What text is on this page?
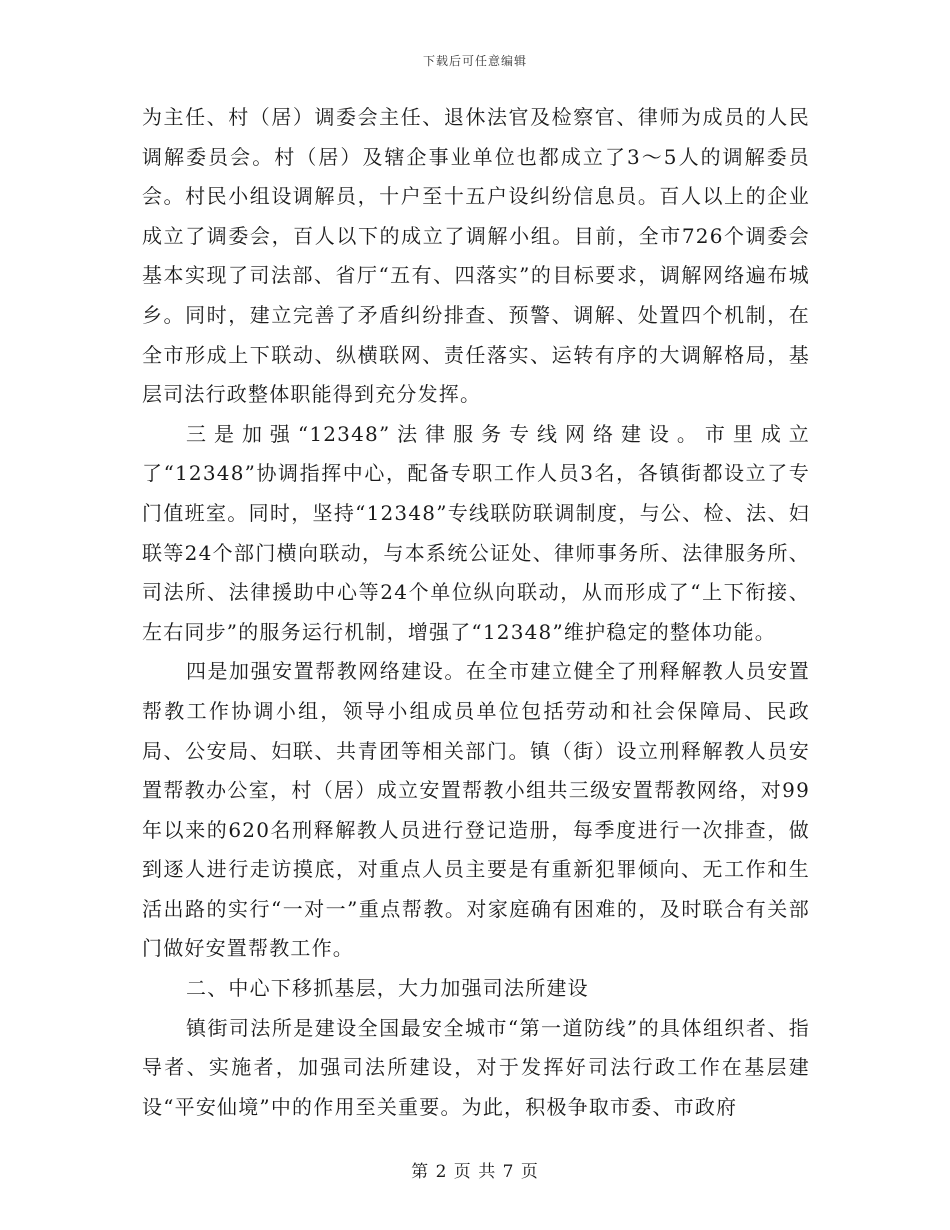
下载后可任意编辑

为主任、村（居）调委会主任、退休法官及检察官、律师为成员的人民调解委员会。村（居）及辖企事业单位也都成立了3～5人的调解委员会。村民小组设调解员，十户至十五户设纠纷信息员。百人以上的企业成立了调委会，百人以下的成立了调解小组。目前，全市726个调委会基本实现了司法部、省厅“五有、四落实”的目标要求，调解网络遍布城乡。同时，建立完善了矛盾纠纷排查、预警、调解、处置四个机制，在全市形成上下联动、纵横联网、责任落实、运转有序的大调解格局，基层司法行政整体职能得到充分发挥。

三是加强“12348”法律服务专线网络建设。市里成立了“12348”协调指挥中心，配备专职工作人员3名，各镇街都设立了专门值班室。同时，坚持“12348”专线联防联调制度，与公、检、法、妇联等24个部门横向联动，与本系统公证处、律师事务所、法律服务所、司法所、法律援助中心等24个单位纵向联动，从而形成了“上下衔接、左右同步”的服务运行机制，增强了“12348”维护稳定的整体功能。

四是加强安置帮教网络建设。在全市建立健全了刑释解教人员安置帮教工作协调小组，领导小组成员单位包括劳动和社会保障局、民政局、公安局、妇联、共青团等相关部门。镇（街）设立刑释解教人员安置帮教办公室，村（居）成立安置帮教小组共三级安置帮教网络，对99年以来的620名刑释解教人员进行登记造册，每季度进行一次排查，做到逐人进行走访摸底，对重点人员主要是有重新犯罪倾向、无工作和生活出路的实行“一对一”重点帮教。对家庭确有困难的，及时联合有关部门做好安置帮教工作。

二、中心下移抓基层，大力加强司法所建设

镇街司法所是建设全国最安全城市“第一道防线”的具体组织者、指导者、实施者，加强司法所建设，对于发挥好司法行政工作在基层建设“平安仙境”中的作用至关重要。为此，积极争取市委、市政府

第 2 页 共 7 页
